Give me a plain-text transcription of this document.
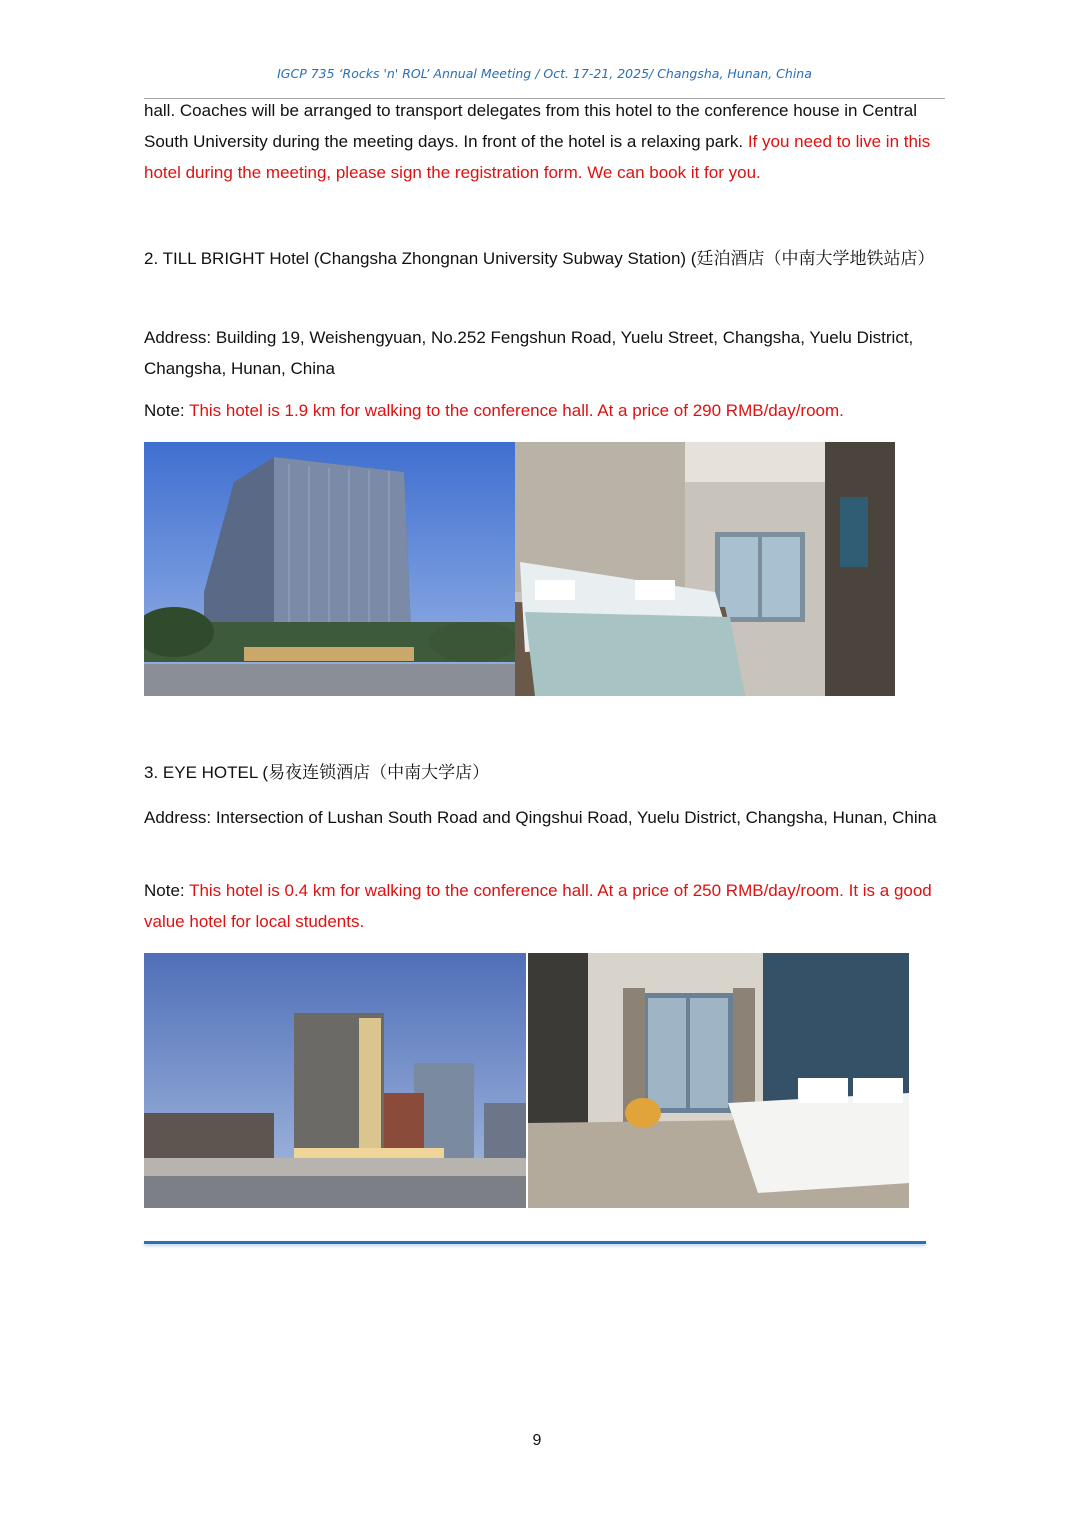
IGCP 735 ‘Rocks 'n' ROL’ Annual Meeting / Oct. 17-21, 2025/ Changsha, Hunan, China
hall. Coaches will be arranged to transport delegates from this hotel to the conference house in Central South University during the meeting days. In front of the hotel is a relaxing park. If you need to live in this hotel during the meeting, please sign the registration form. We can book it for you.
2. TILL BRIGHT Hotel (Changsha Zhongnan University Subway Station) (廷泊酒店（中南大学地铁站店）
Address: Building 19, Weishengyuan, No.252 Fengshun Road, Yuelu Street, Changsha, Yuelu District, Changsha, Hunan, China
Note: This hotel is 1.9 km for walking to the conference hall. At a price of 290 RMB/day/room.
3. EYE HOTEL (易夜连锁酒店（中南大学店）
Address: Intersection of Lushan South Road and Qingshui Road, Yuelu District, Changsha, Hunan, China
Note: This hotel is 0.4 km for walking to the conference hall. At a price of 250 RMB/day/room. It is a good value hotel for local students.
9
